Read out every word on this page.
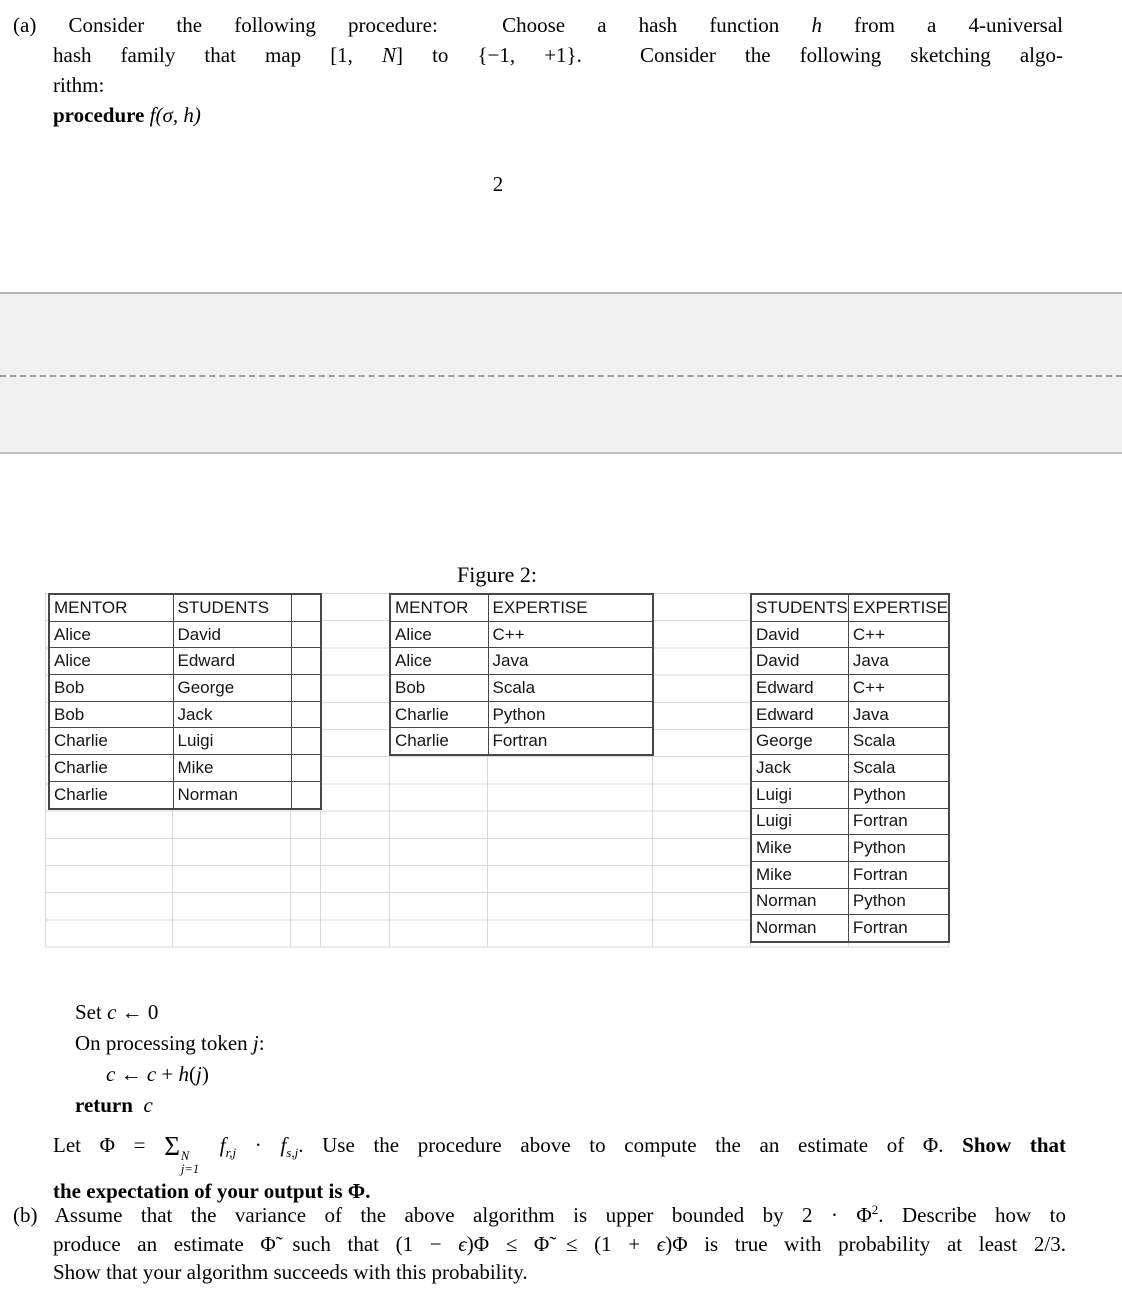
(a) Consider the following procedure:  Choose a hash function h from a 4-universal
hash family that map [1, N] to {−1, +1}.  Consider the following sketching algo-
rithm:
procedure f(σ, h)
2
Figure 2:
MENTOR	STUDENTS	
Alice	David	
Alice	Edward	
Bob	George	
Bob	Jack	
Charlie	Luigi	
Charlie	Mike	
Charlie	Norman	
MENTOR	EXPERTISE
Alice	C++
Alice	Java
Bob	Scala
Charlie	Python
Charlie	Fortran
STUDENTS	EXPERTISE
David	C++
David	Java
Edward	C++
Edward	Java
George	Scala
Jack	Scala
Luigi	Python
Luigi	Fortran
Mike	Python
Mike	Fortran
Norman	Python
Norman	Fortran
Set c ← 0
On processing token j:
c ← c + h(j)
return c
Let Φ = Σ N
j=1
$f_{r,j} \cdot f_{s,j}$. Use the procedure above to compute the an estimate of Φ. Show that
the expectation of your output is Φ.
(b) Assume that the variance of the above algorithm is upper bounded by $2 \cdot \Phi^2$. Describe how to
produce an estimate Φ̃ such that (1 − ϵ)Φ ≤ Φ̃ ≤ (1 + ϵ)Φ is true with probability at least 2/3.
Show that your algorithm succeeds with this probability.
